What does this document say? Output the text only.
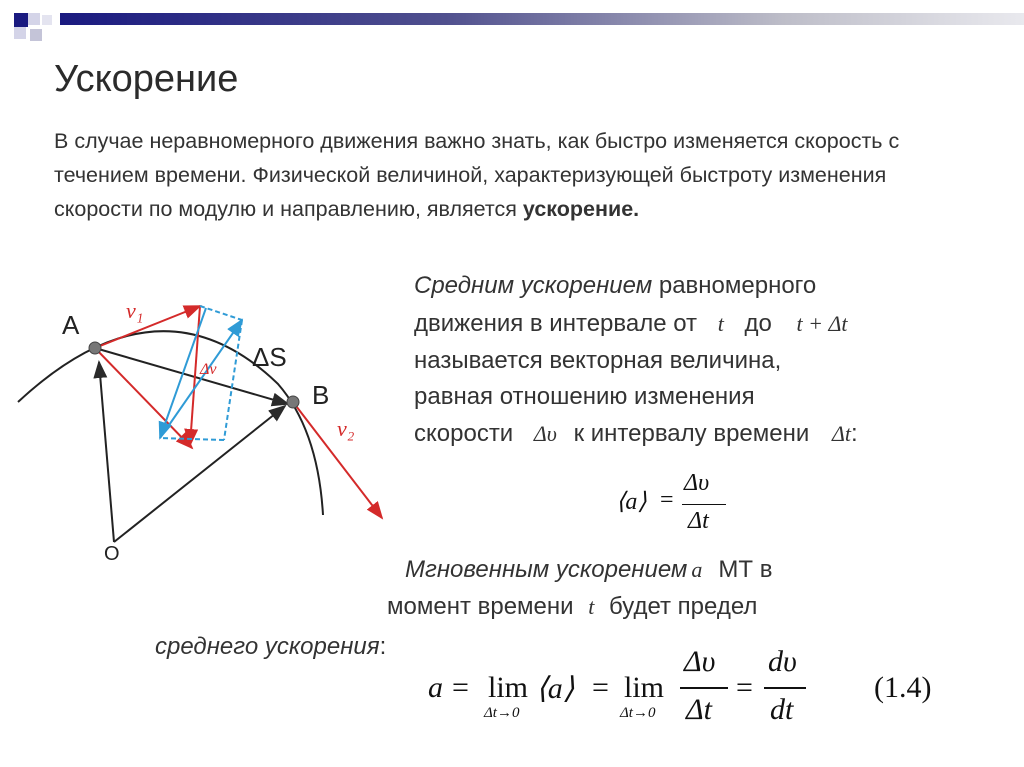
Ускорение
В случае неравномерного движения важно знать, как быстро изменяется скорость с течением времени. Физической величиной, характеризующей быстроту изменения скорости по модулю и направлению, является ускорение.
A
B
O
ΔS
v₁
v₂
Δv
Средним ускорением равномерного
движения в интервале от t до t + Δt
называется векторная величина,
равная отношению изменения
скорости Δυ к интервалу времени Δt:
⟨a⟩ =
Δυ
Δt
Мгновенным ускорением a МТ в
момент времени t будет предел
среднего ускорения:
a = lim
Δt→0
⟨a⟩ = lim
Δt→0
Δυ
Δt
=
dυ
dt
(1.4)
